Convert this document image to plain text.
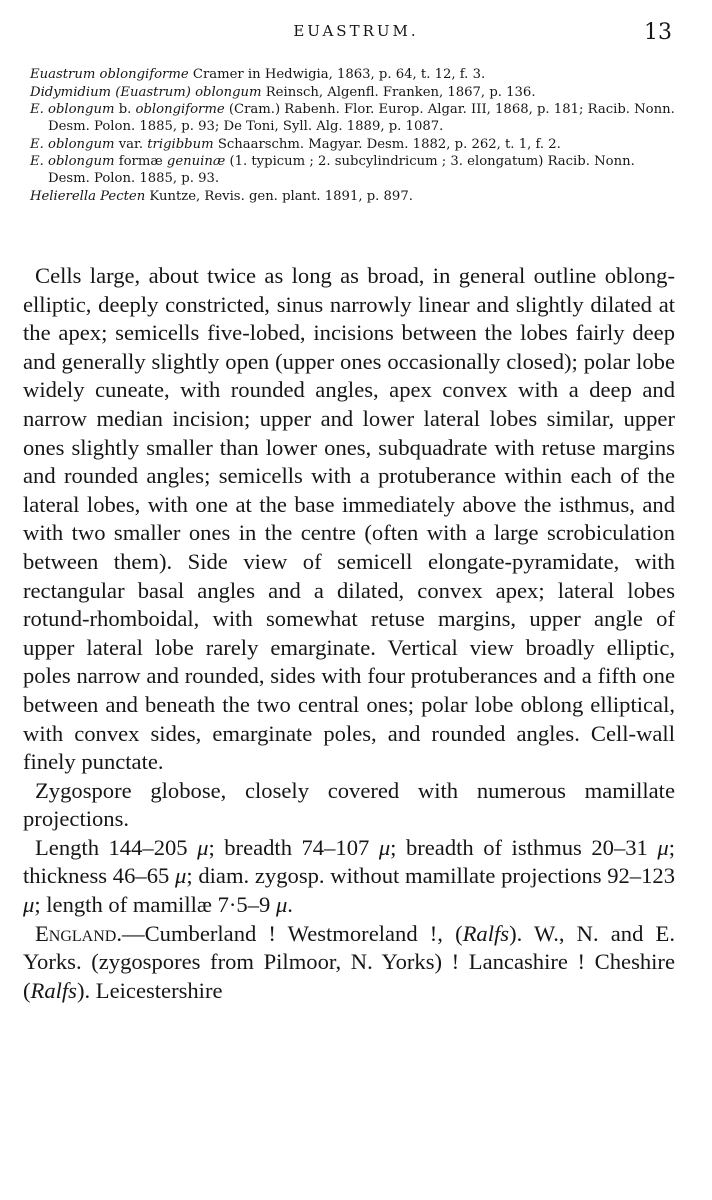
EUASTRUM.	13
Euastrum oblongiforme Cramer in Hedwigia, 1863, p. 64, t. 12, f. 3.
Didymidium (Euastrum) oblongum Reinsch, Algenfl. Franken, 1867, p. 136.
E. oblongum b. oblongiforme (Cram.) Rabenh. Flor. Europ. Algar. III, 1868, p. 181; Racib. Nonn. Desm. Polon. 1885, p. 93; De Toni, Syll. Alg. 1889, p. 1087.
E. oblongum var. trigibbum Schaarschm. Magyar. Desm. 1882, p. 262, t. 1, f. 2.
E. oblongum formæ genuinæ (1. typicum ; 2. subcylindricum ; 3. elongatum) Racib. Nonn. Desm. Polon. 1885, p. 93.
Helierella Pecten Kuntze, Revis. gen. plant. 1891, p. 897.

Cells large, about twice as long as broad, in general outline oblong-elliptic, deeply constricted, sinus narrowly linear and slightly dilated at the apex; semicells five-lobed, incisions between the lobes fairly deep and generally slightly open (upper ones occasionally closed); polar lobe widely cuneate, with rounded angles, apex convex with a deep and narrow median incision; upper and lower lateral lobes similar, upper ones slightly smaller than lower ones, subquadrate with retuse margins and rounded angles; semicells with a protuberance within each of the lateral lobes, with one at the base immediately above the isthmus, and with two smaller ones in the centre (often with a large scrobiculation between them). Side view of semicell elongate-pyramidate, with rectangular basal angles and a dilated, convex apex; lateral lobes rotund-rhomboidal, with somewhat retuse margins, upper angle of upper lateral lobe rarely emarginate. Vertical view broadly elliptic, poles narrow and rounded, sides with four protuberances and a fifth one between and beneath the two central ones; polar lobe oblong elliptical, with convex sides, emarginate poles, and rounded angles. Cell-wall finely punctate.

Zygospore globose, closely covered with numerous mamillate projections.

Length 144–205 μ; breadth 74–107 μ; breadth of isthmus 20–31 μ; thickness 46–65 μ; diam. zygosp. without mamillate projections 92–123 μ; length of mamillæ 7·5–9 μ.

England.—Cumberland ! Westmoreland !, (Ralfs). W., N. and E. Yorks. (zygospores from Pilmoor, N. Yorks) ! Lancashire ! Cheshire (Ralfs). Leicestershire
